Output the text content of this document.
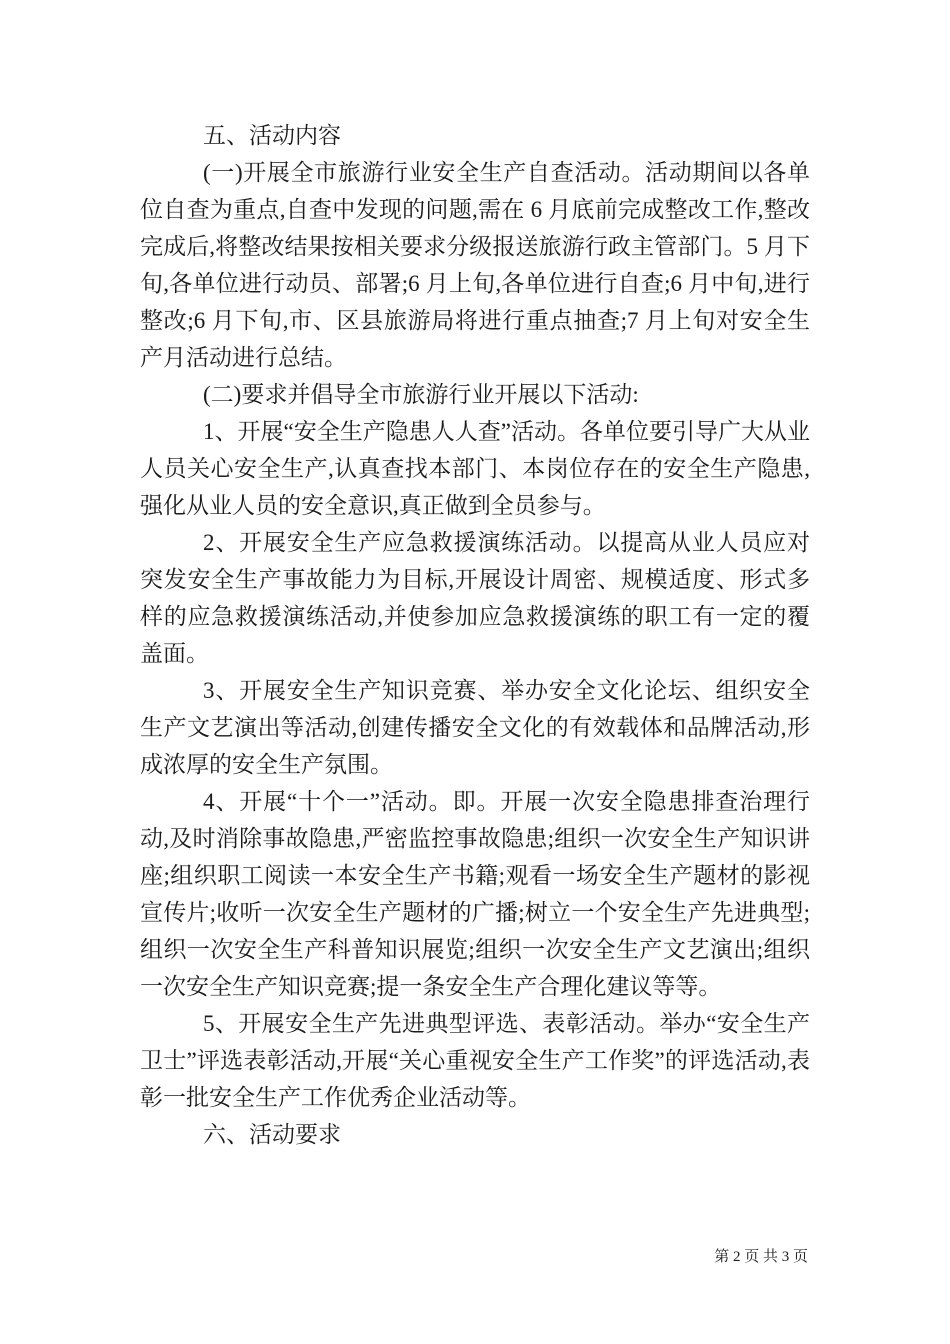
五、活动内容

(一)开展全市旅游行业安全生产自查活动。活动期间以各单位自查为重点,自查中发现的问题,需在 6 月底前完成整改工作,整改完成后,将整改结果按相关要求分级报送旅游行政主管部门。5 月下旬,各单位进行动员、部署;6 月上旬,各单位进行自查;6 月中旬,进行整改;6 月下旬,市、区县旅游局将进行重点抽查;7 月上旬对安全生产月活动进行总结。

(二)要求并倡导全市旅游行业开展以下活动:

1、开展“安全生产隐患人人查”活动。各单位要引导广大从业人员关心安全生产,认真查找本部门、本岗位存在的安全生产隐患,强化从业人员的安全意识,真正做到全员参与。

2、开展安全生产应急救援演练活动。以提高从业人员应对突发安全生产事故能力为目标,开展设计周密、规模适度、形式多样的应急救援演练活动,并使参加应急救援演练的职工有一定的覆盖面。

3、开展安全生产知识竞赛、举办安全文化论坛、组织安全生产文艺演出等活动,创建传播安全文化的有效载体和品牌活动,形成浓厚的安全生产氛围。

4、开展“十个一”活动。即。开展一次安全隐患排查治理行动,及时消除事故隐患,严密监控事故隐患;组织一次安全生产知识讲座;组织职工阅读一本安全生产书籍;观看一场安全生产题材的影视宣传片;收听一次安全生产题材的广播;树立一个安全生产先进典型;组织一次安全生产科普知识展览;组织一次安全生产文艺演出;组织一次安全生产知识竞赛;提一条安全生产合理化建议等等。

5、开展安全生产先进典型评选、表彰活动。举办“安全生产卫士”评选表彰活动,开展“关心重视安全生产工作奖”的评选活动,表彰一批安全生产工作优秀企业活动等。

六、活动要求

第 2 页 共 3 页
